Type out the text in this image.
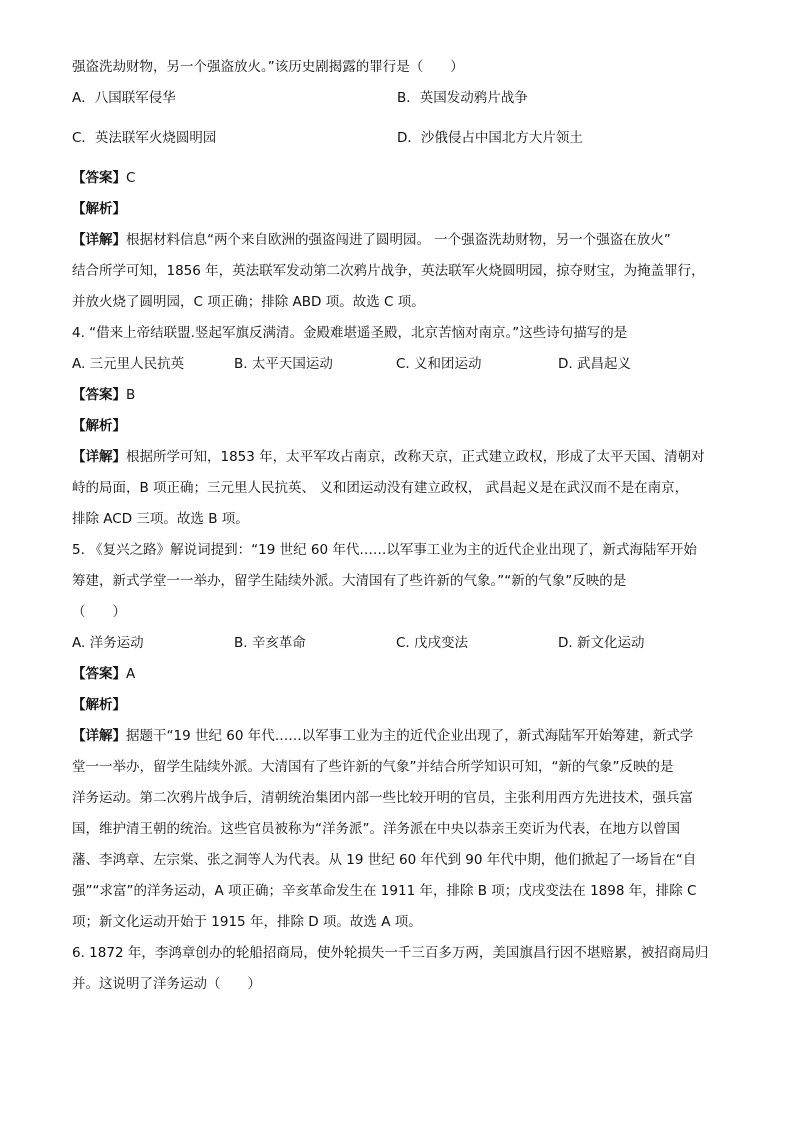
强盗洗劫财物，另一个强盗放火。”该历史剧揭露的罪行是（　　）
A．八国联军侵华	B．英国发动鸦片战争
C．英法联军火烧圆明园	D．沙俄侵占中国北方大片领土
【答案】C
【解析】
【详解】根据材料信息“两个来自欧洲的强盗闯进了圆明园。 一个强盗洗劫财物，另一个强盗在放火”
结合所学可知，1856 年，英法联军发动第二次鸦片战争，英法联军火烧圆明园，掠夺财宝，为掩盖罪行，
并放火烧了圆明园，C 项正确；排除 ABD 项。故选 C 项。
4. “借来上帝结联盟.竖起军旗反满清。金殿难堪遥圣殿，北京苦恼对南京。”这些诗句描写的是
A. 三元里人民抗英	B. 太平天国运动	C. 义和团运动	D. 武昌起义
【答案】B
【解析】
【详解】根据所学可知，1853 年，太平军攻占南京，改称天京，正式建立政权，形成了太平天国、清朝对
峙的局面，B 项正确；三元里人民抗英、 义和团运动没有建立政权， 武昌起义是在武汉而不是在南京，
排除 ACD 三项。故选 B 项。
5. 《复兴之路》解说词提到：“19 世纪 60 年代……以军事工业为主的近代企业出现了，新式海陆军开始
筹建，新式学堂一一举办，留学生陆续外派。大清国有了些许新的气象。”“新的气象”反映的是
（　　）
A. 洋务运动	B. 辛亥革命	C. 戊戌变法	D. 新文化运动
【答案】A
【解析】
【详解】据题干“19 世纪 60 年代……以军事工业为主的近代企业出现了，新式海陆军开始筹建，新式学
堂一一举办，留学生陆续外派。大清国有了些许新的气象”并结合所学知识可知，“新的气象”反映的是
洋务运动。第二次鸦片战争后，清朝统治集团内部一些比较开明的官员，主张利用西方先进技术，强兵富
国，维护清王朝的统治。这些官员被称为“洋务派”。洋务派在中央以恭亲王奕䜣为代表，在地方以曾国
藩、李鸿章、左宗棠、张之洞等人为代表。从 19 世纪 60 年代到 90 年代中期，他们掀起了一场旨在“自
强”“求富”的洋务运动，A 项正确；辛亥革命发生在 1911 年，排除 B 项；戊戌变法在 1898 年，排除 C
项；新文化运动开始于 1915 年，排除 D 项。故选 A 项。
6. 1872 年，李鸿章创办的轮船招商局，使外轮损失一千三百多万两，美国旗昌行因不堪赔累，被招商局归
并。这说明了洋务运动（　　）
